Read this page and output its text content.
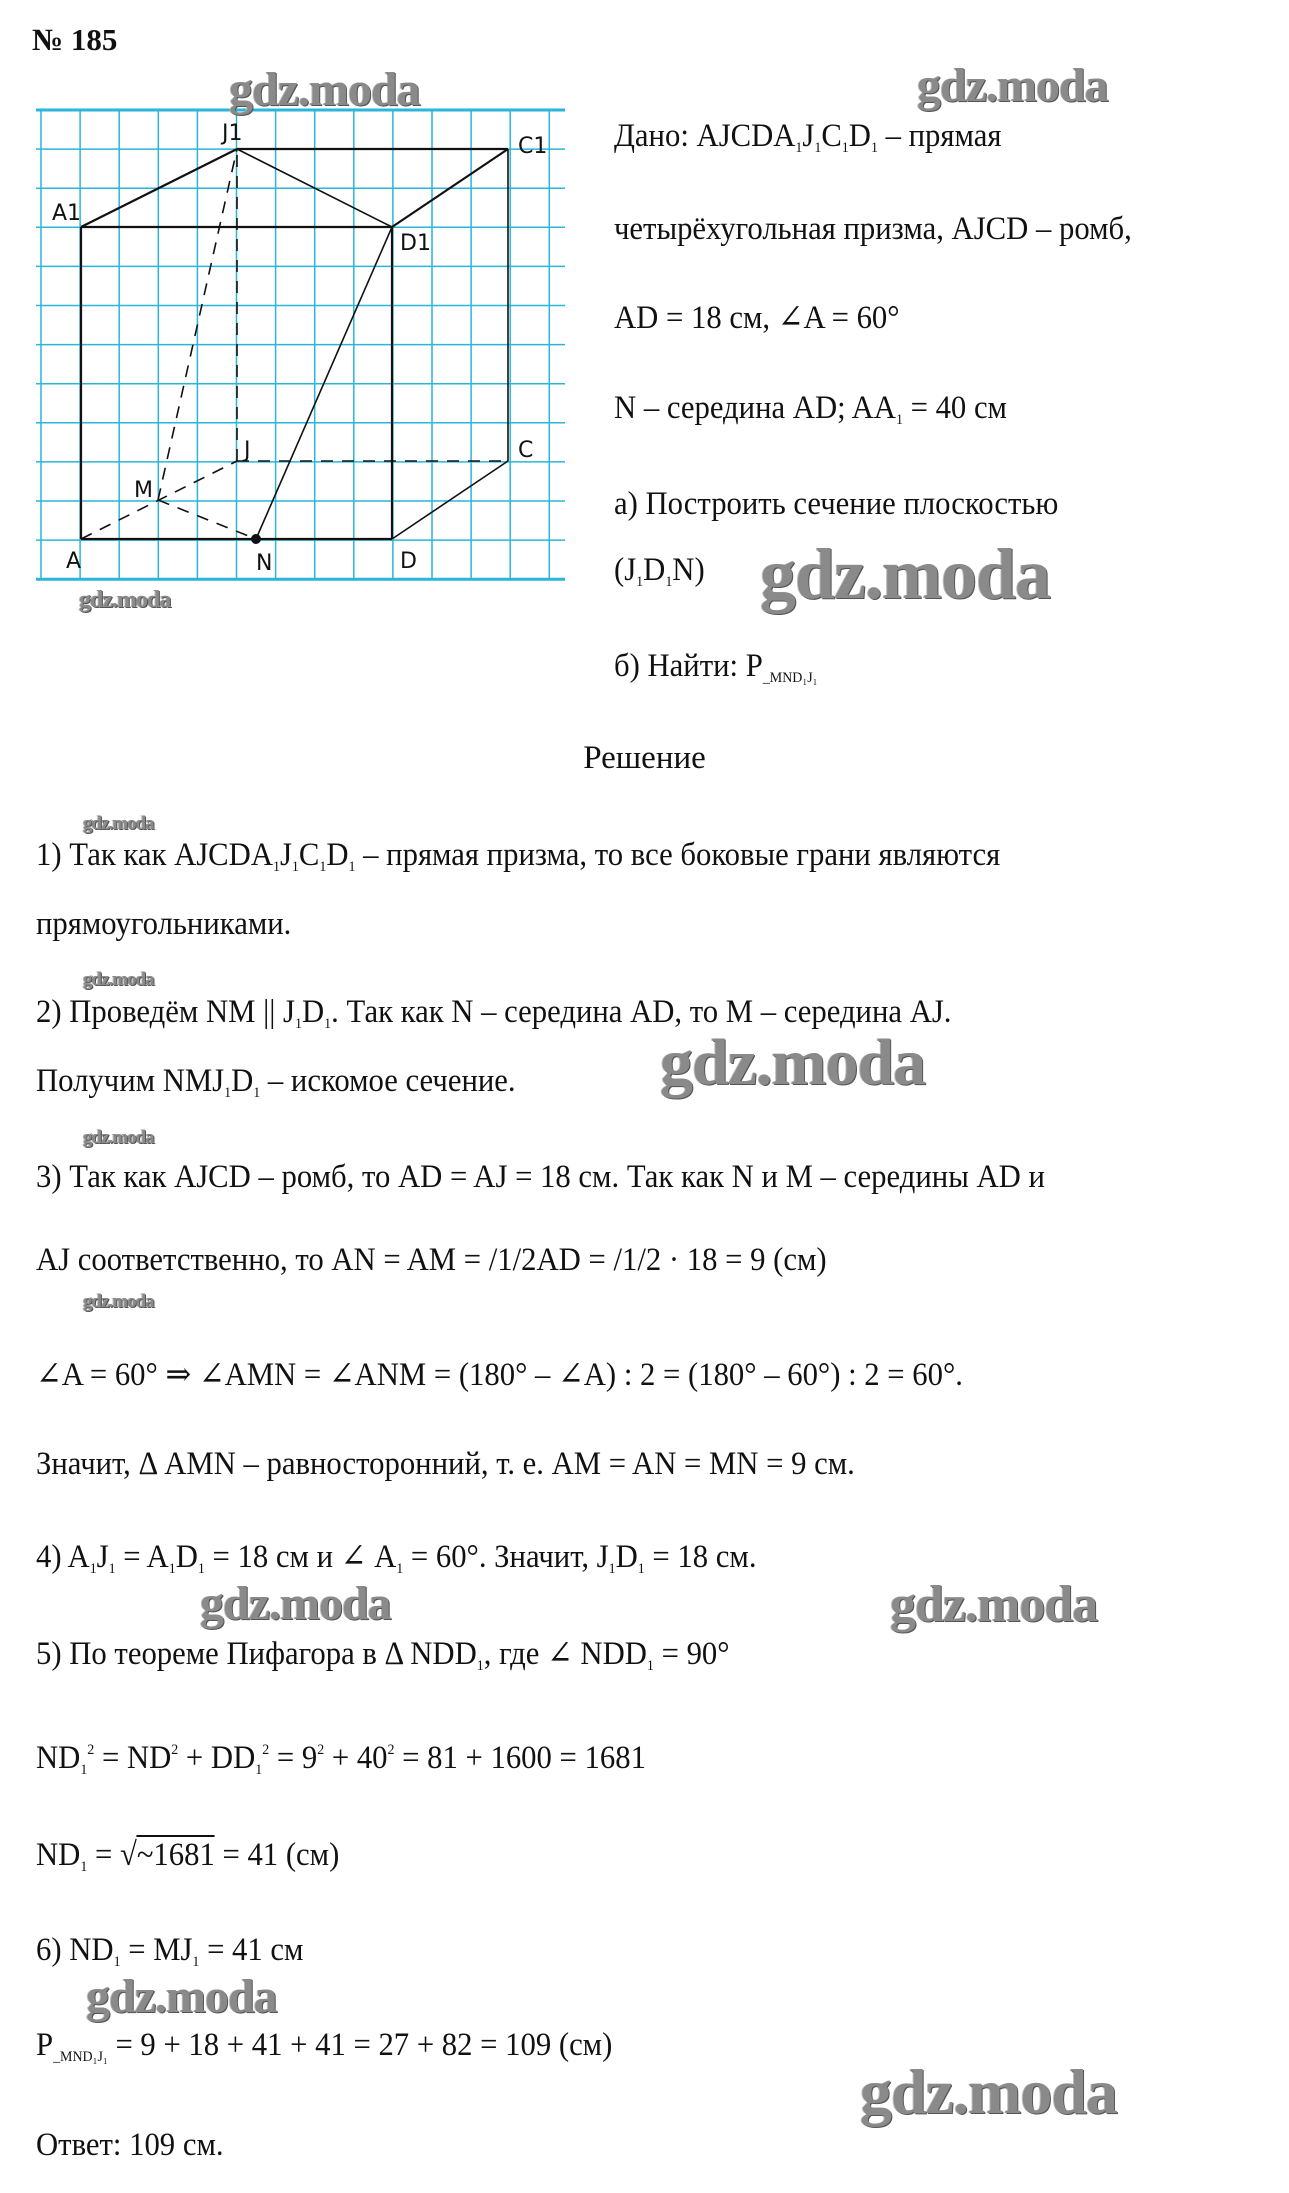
№ 185
A1
J1
C1
D1
J	C
M
A	N	D
Дано: $AJCDA_1J_1C_1D_1$ – прямая
четырёхугольная призма, AJCD – ромб,
AD = 18 см, ∠A = 60°
N – середина AD; $AA_1 = 40$ см
а) Построить сечение плоскостью
$(J_1D_1N)$
б) Найти: $P_{\_MND_1J_1}$
Решение
1) Так как $AJCDA_1J_1C_1D_1$ – прямая призма, то все боковые грани являются
прямоугольниками.
2) Проведём NM || $J_1D_1$. Так как N – середина AD, то M – середина AJ.
Получим $NMJ_1D_1$ – искомое сечение.
3) Так как AJCD – ромб, то AD = AJ = 18 см. Так как N и M – середины AD и
AJ соответственно, то AN = AM = /1/2AD = /1/2 · 18 = 9 (см)
∠A = 60° ⇒ ∠AMN = ∠ANM = (180° – ∠A) : 2 = (180° – 60°) : 2 = 60°.
Значит, Δ AMN – равносторонний, т. е. AM = AN = MN = 9 см.
4) $A_1J_1 = A_1D_1 = 18$ см и ∠ $A_1 = 60^\circ$. Значит, $J_1D_1 = 18$ см.
5) По теореме Пифагора в Δ $NDD_1$, где ∠ $NDD_1 = 90^\circ$
$ND_1^2 = ND^2 + DD_1^2 = 9^2 + 40^2 = 81 + 1600 = 1681$
$ND_1$ = √~1681 = 41 (см)
6) $ND_1 = MJ_1 = 41$ см
$P_{\_MND_1J_1} = 9 + 18 + 41 + 41 = 27 + 82 = 109$ (см)
Ответ: 109 см.
gdz.moda	gdz.moda
gdz.moda	gdz.moda
gdz.moda
gdz.moda
gdz.moda
gdz.moda
gdz.moda
gdz.moda	gdz.moda
gdz.moda
gdz.moda
